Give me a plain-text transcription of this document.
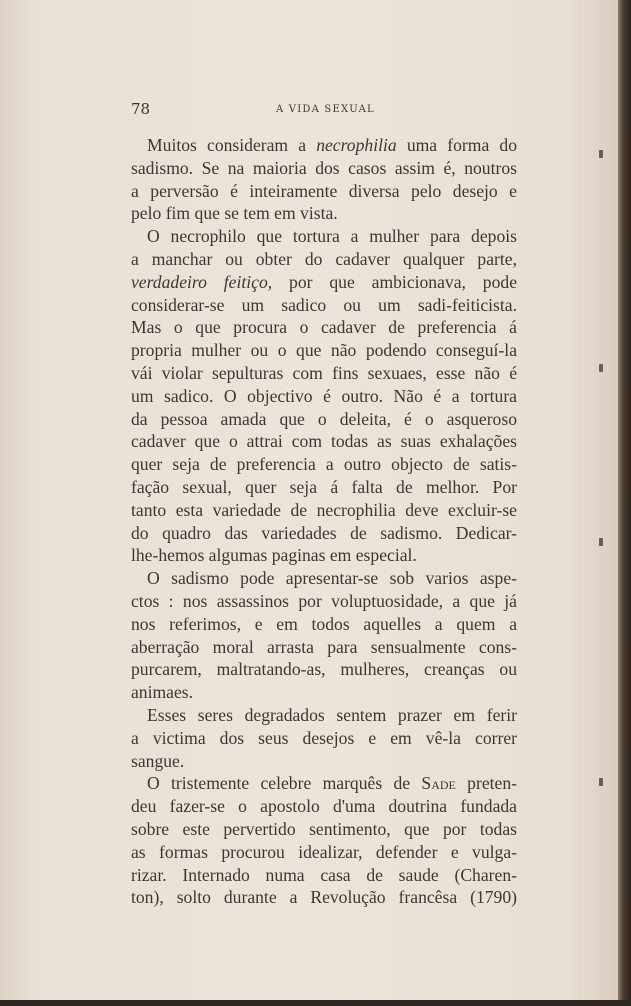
78	A VIDA SEXUAL
Muitos consideram a necrophilia uma forma do
sadismo. Se na maioria dos casos assim é, noutros
a perversão é inteiramente diversa pelo desejo e
pelo fim que se tem em vista.
O necrophilo que tortura a mulher para depois
a manchar ou obter do cadaver qualquer parte,
verdadeiro feitiço, por que ambicionava, pode
considerar-se um sadico ou um sadi-feiticista.
Mas o que procura o cadaver de preferencia á
propria mulher ou o que não podendo conseguí-la
vái violar sepulturas com fins sexuaes, esse não é
um sadico. O objectivo é outro. Não é a tortura
da pessoa amada que o deleita, é o asqueroso
cadaver que o attrai com todas as suas exhalações
quer seja de preferencia a outro objecto de satis-
fação sexual, quer seja á falta de melhor. Por
tanto esta variedade de necrophilia deve excluir-se
do quadro das variedades de sadismo. Dedicar-
lhe-hemos algumas paginas em especial.
O sadismo pode apresentar-se sob varios aspe-
ctos : nos assassinos por voluptuosidade, a que já
nos referimos, e em todos aquelles a quem a
aberração moral arrasta para sensualmente cons-
purcarem, maltratando-as, mulheres, creanças ou
animaes.
Esses seres degradados sentem prazer em ferir
a victima dos seus desejos e em vê-la correr
sangue.
O tristemente celebre marquês de Sade preten-
deu fazer-se o apostolo d'uma doutrina fundada
sobre este pervertido sentimento, que por todas
as formas procurou idealizar, defender e vulga-
rizar. Internado numa casa de saude (Charen-
ton), solto durante a Revolução francêsa (1790)
